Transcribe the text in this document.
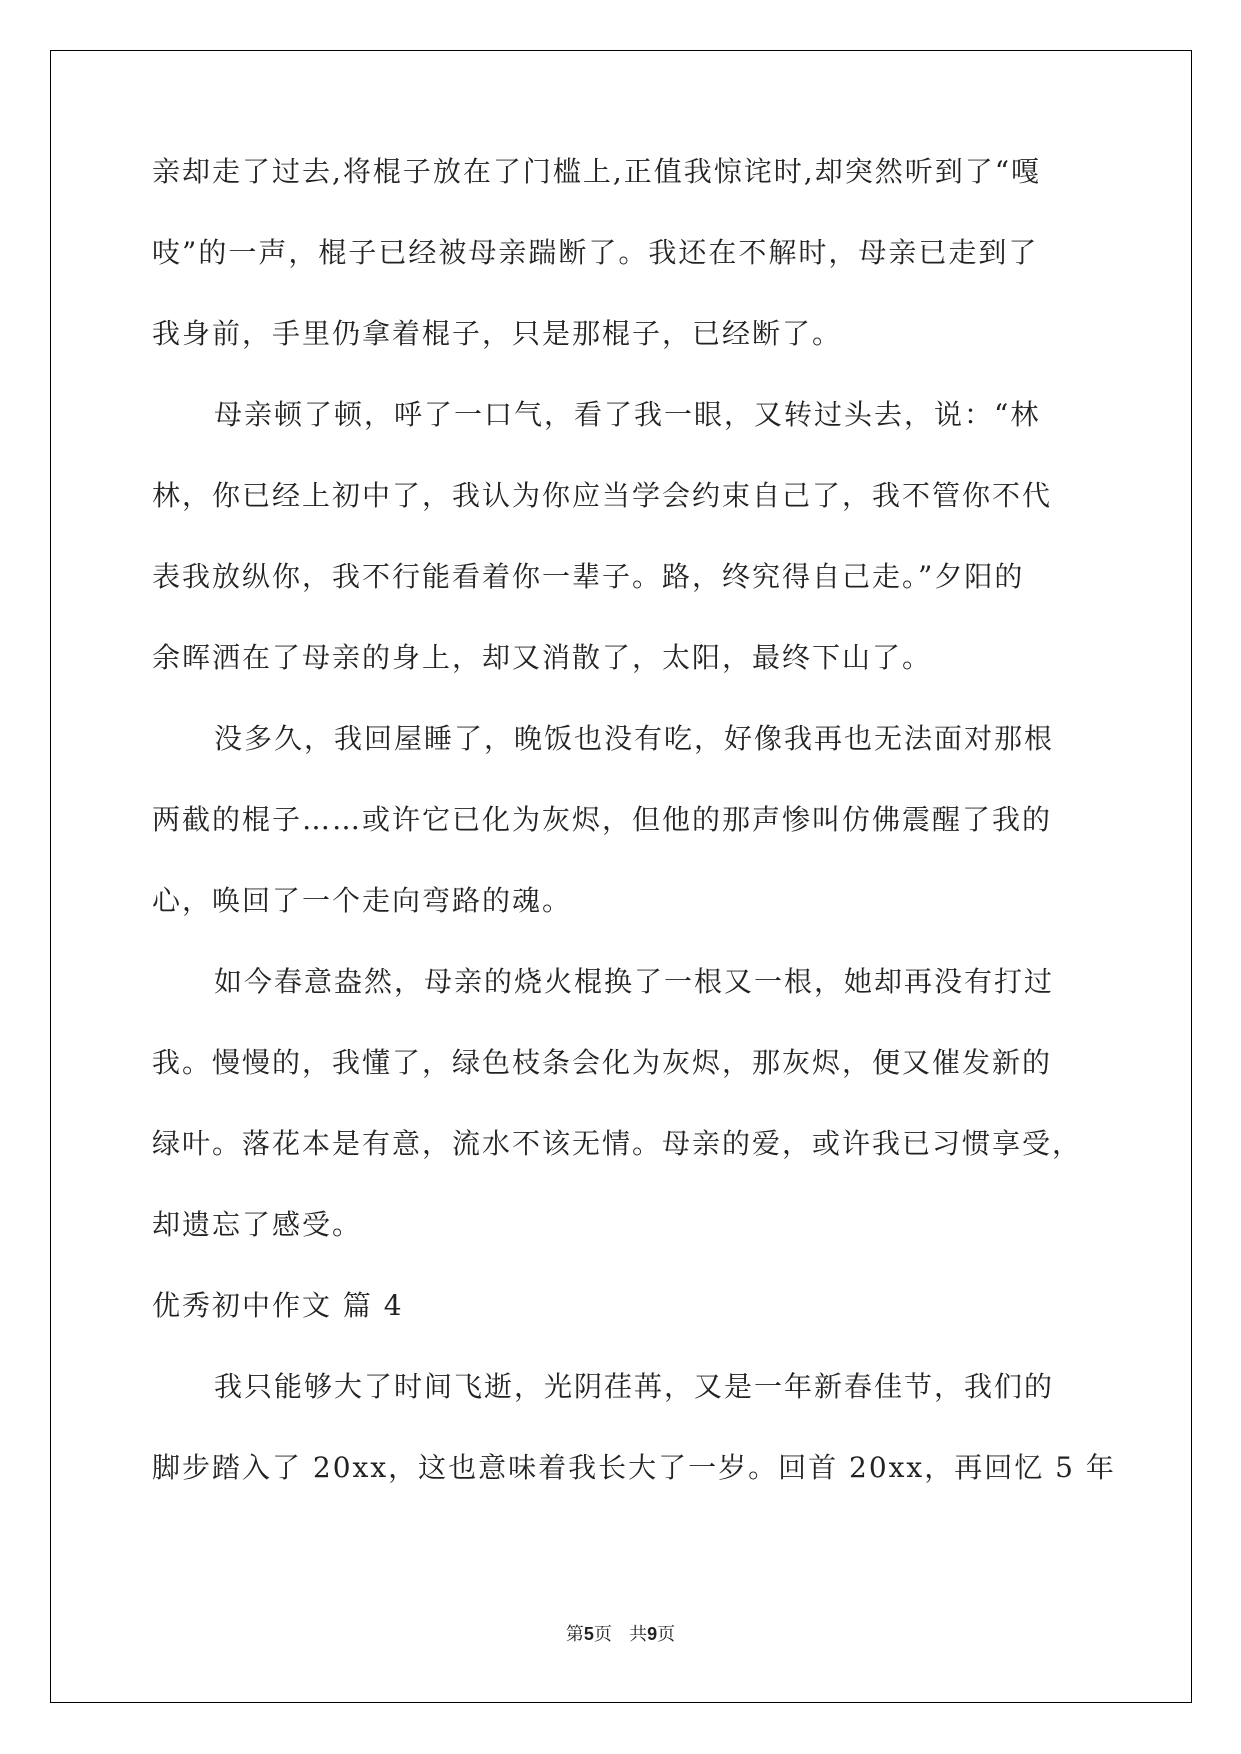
亲却走了过去,将棍子放在了门槛上,正值我惊诧时,却突然听到了“嘎
吱”的一声，棍子已经被母亲踹断了。我还在不解时，母亲已走到了
我身前，手里仍拿着棍子，只是那棍子，已经断了。
母亲顿了顿，呼了一口气，看了我一眼，又转过头去，说：“林
林，你已经上初中了，我认为你应当学会约束自己了，我不管你不代
表我放纵你，我不行能看着你一辈子。路，终究得自己走。”夕阳的
余晖洒在了母亲的身上，却又消散了，太阳，最终下山了。
没多久，我回屋睡了，晚饭也没有吃，好像我再也无法面对那根
两截的棍子……或许它已化为灰烬，但他的那声惨叫仿佛震醒了我的
心，唤回了一个走向弯路的魂。
如今春意盎然，母亲的烧火棍换了一根又一根，她却再没有打过
我。慢慢的，我懂了，绿色枝条会化为灰烬，那灰烬，便又催发新的
绿叶。落花本是有意，流水不该无情。母亲的爱，或许我已习惯享受，
却遗忘了感受。
优秀初中作文 篇 4
我只能够大了时间飞逝，光阴荏苒，又是一年新春佳节，我们的
脚步踏入了 20xx，这也意味着我长大了一岁。回首 20xx，再回忆 5 年
第5页   共9页
